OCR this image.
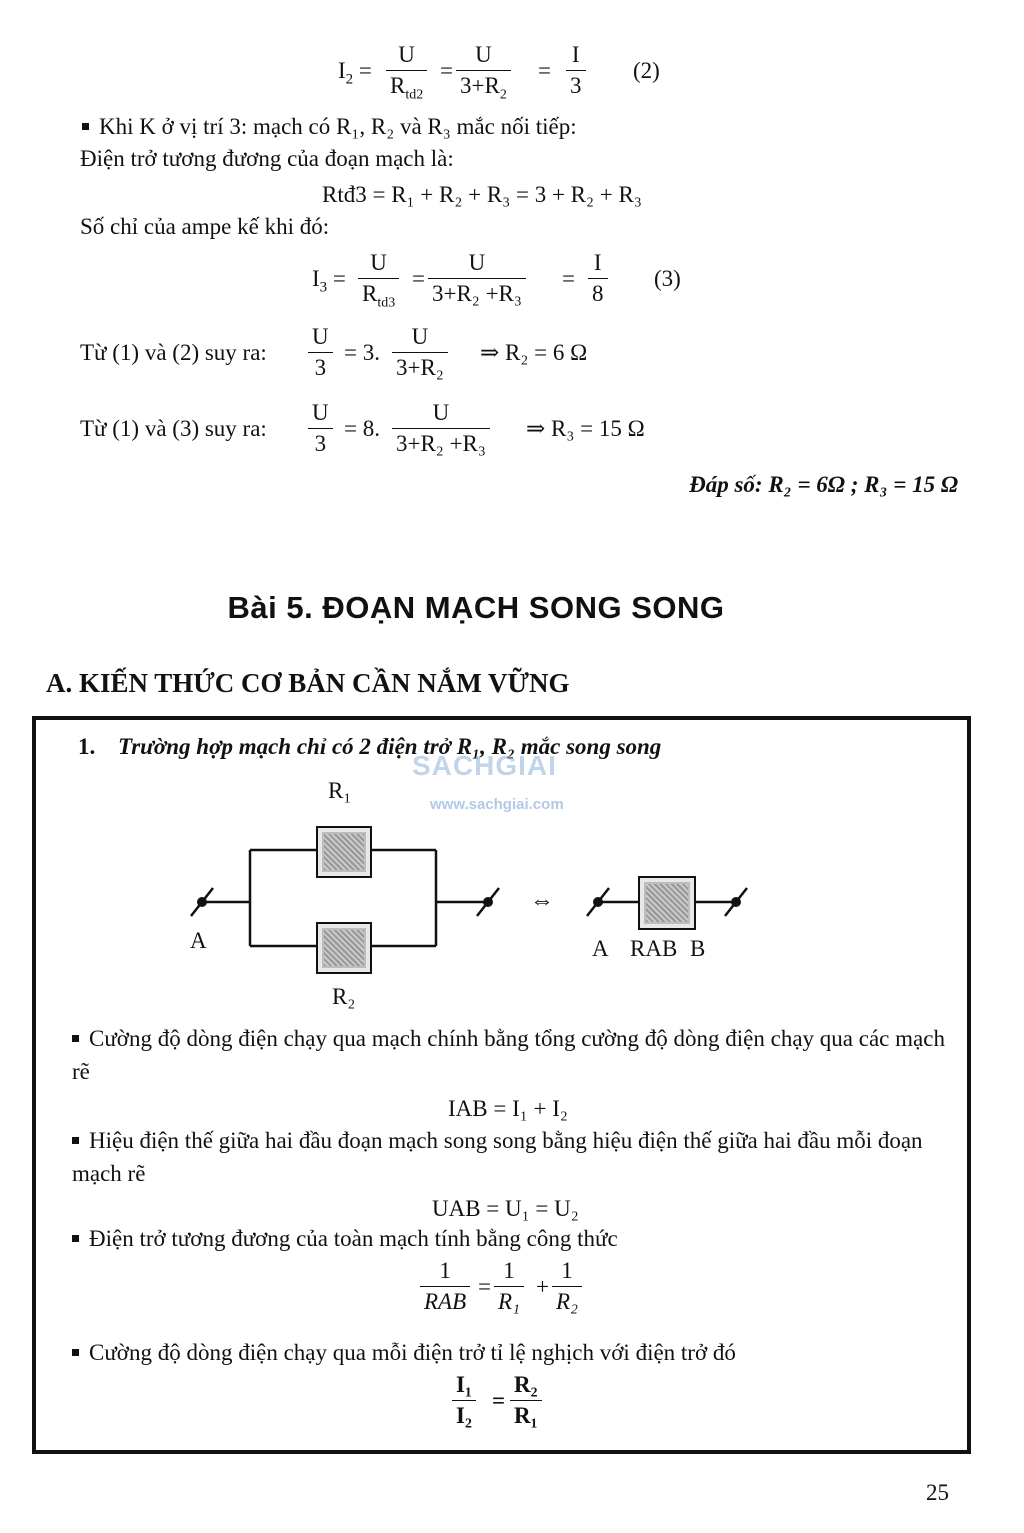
$I_2$ =
U
$R_{td2}$
= $\frac{U}{3+R_2} = \frac{I}{3} (2)$
Khi K ở vị trí 3: mạch có R₁, R₂ và R₃ mắc nối tiếp:
Điện trở tương đương của đoạn mạch là:
Rtđ3 = R₁ + R₂ + R₃ = 3 + R₂ + R₃
Số chỉ của ampe kế khi đó:
$I_3$ =
U
$R_{td3}$
= $\frac{U}{\text{3+R₂ +R₃}} = \frac{I}{8} (3)$
Từ (1) và (2) suy ra: $\frac{U}{3} = 3$. $\frac{U}{\text{3+R₂}}$ ⇒ R₂ = 6 Ω
Từ (1) và (3) suy ra: $\frac{U}{3} = 8$. $\frac{U}{\text{3+R₂ +R₃}}$ ⇒ R₃ = 15 Ω
Đáp số: R₂ = 6Ω ; R₃ = 15 Ω
Bài 5. ĐOẠN MẠCH SONG SONG
A. KIẾN THỨC CƠ BẢN CẦN NẮM VỮNG
1. Trường hợp mạch chỉ có 2 điện trở R₁, R₂ mắc song song
SACHGIAI
www.sachgiai.com
R₁
R₂
A
⇔
A RAB B
Cường độ dòng điện chạy qua mạch chính bằng tổng cường độ dòng điện chạy qua các mạch rẽ
IAB = I₁ + I₂
Hiệu điện thế giữa hai đầu đoạn mạch song song bằng hiệu điện thế giữa hai đầu mỗi đoạn mạch rẽ
UAB = U₁ = U₂
Điện trở tương đương của toàn mạch tính bằng công thức
1
RAB
= $\frac{1}{\text{R₁}} + \frac{1}{\text{R₂}}$
Cường độ dòng điện chạy qua mỗi điện trở tỉ lệ nghịch với điện trở đó
$\frac{\text{I₁}}{\text{I₂}} = \frac{\text{R₂}}{\text{R₁}}$
25
